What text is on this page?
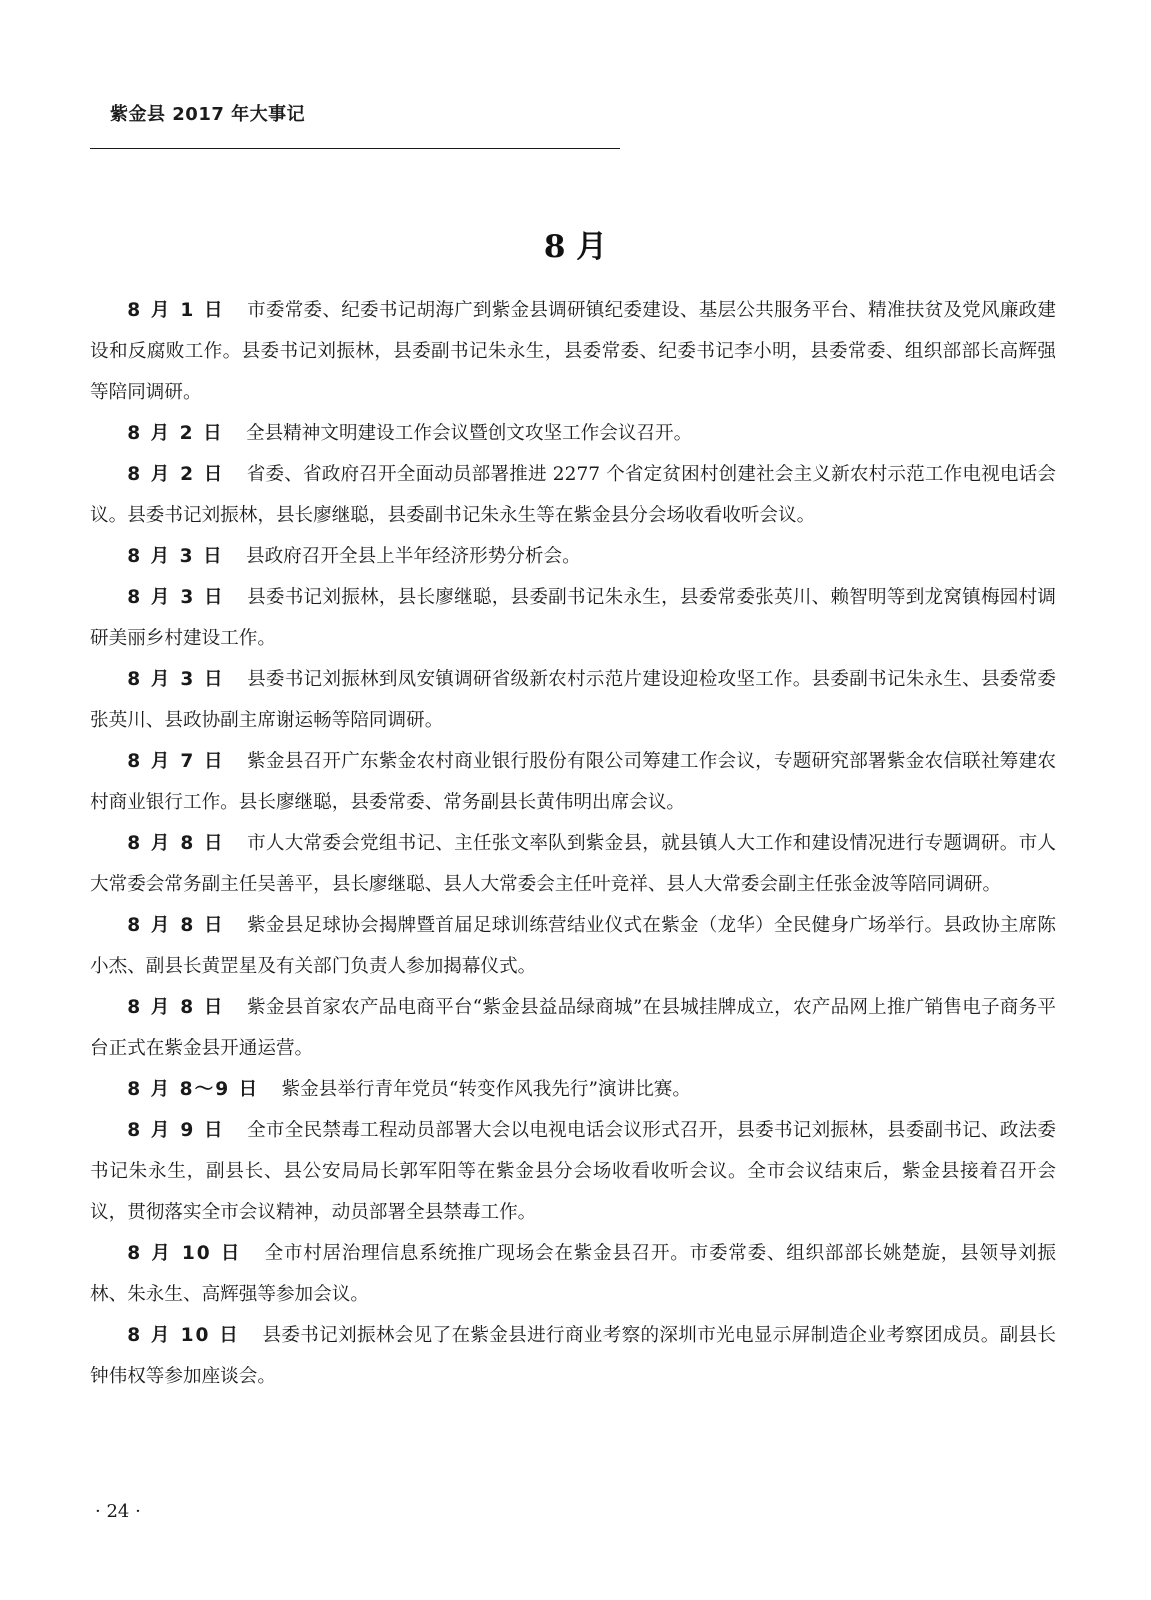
紫金县 2017 年大事记
8 月

8 月 1 日 市委常委、纪委书记胡海广到紫金县调研镇纪委建设、基层公共服务平台、精准扶贫及党风廉政建设和反腐败工作。县委书记刘振林，县委副书记朱永生，县委常委、纪委书记李小明，县委常委、组织部部长高辉强等陪同调研。

8 月 2 日 全县精神文明建设工作会议暨创文攻坚工作会议召开。

8 月 2 日 省委、省政府召开全面动员部署推进 2277 个省定贫困村创建社会主义新农村示范工作电视电话会议。县委书记刘振林，县长廖继聪，县委副书记朱永生等在紫金县分会场收看收听会议。

8 月 3 日 县政府召开全县上半年经济形势分析会。

8 月 3 日 县委书记刘振林，县长廖继聪，县委副书记朱永生，县委常委张英川、赖智明等到龙窝镇梅园村调研美丽乡村建设工作。

8 月 3 日 县委书记刘振林到凤安镇调研省级新农村示范片建设迎检攻坚工作。县委副书记朱永生、县委常委张英川、县政协副主席谢运畅等陪同调研。

8 月 7 日 紫金县召开广东紫金农村商业银行股份有限公司筹建工作会议，专题研究部署紫金农信联社筹建农村商业银行工作。县长廖继聪，县委常委、常务副县长黄伟明出席会议。

8 月 8 日 市人大常委会党组书记、主任张文率队到紫金县，就县镇人大工作和建设情况进行专题调研。市人大常委会常务副主任吴善平，县长廖继聪、县人大常委会主任叶竞祥、县人大常委会副主任张金波等陪同调研。

8 月 8 日 紫金县足球协会揭牌暨首届足球训练营结业仪式在紫金（龙华）全民健身广场举行。县政协主席陈小杰、副县长黄罡星及有关部门负责人参加揭幕仪式。

8 月 8 日 紫金县首家农产品电商平台“紫金县益品绿商城”在县城挂牌成立，农产品网上推广销售电子商务平台正式在紫金县开通运营。

8 月 8～9 日 紫金县举行青年党员“转变作风我先行”演讲比赛。

8 月 9 日 全市全民禁毒工程动员部署大会以电视电话会议形式召开，县委书记刘振林，县委副书记、政法委书记朱永生，副县长、县公安局局长郭军阳等在紫金县分会场收看收听会议。全市会议结束后，紫金县接着召开会议，贯彻落实全市会议精神，动员部署全县禁毒工作。

8 月 10 日 全市村居治理信息系统推广现场会在紫金县召开。市委常委、组织部部长姚楚旋，县领导刘振林、朱永生、高辉强等参加会议。

8 月 10 日 县委书记刘振林会见了在紫金县进行商业考察的深圳市光电显示屏制造企业考察团成员。副县长钟伟权等参加座谈会。

· 24 ·
